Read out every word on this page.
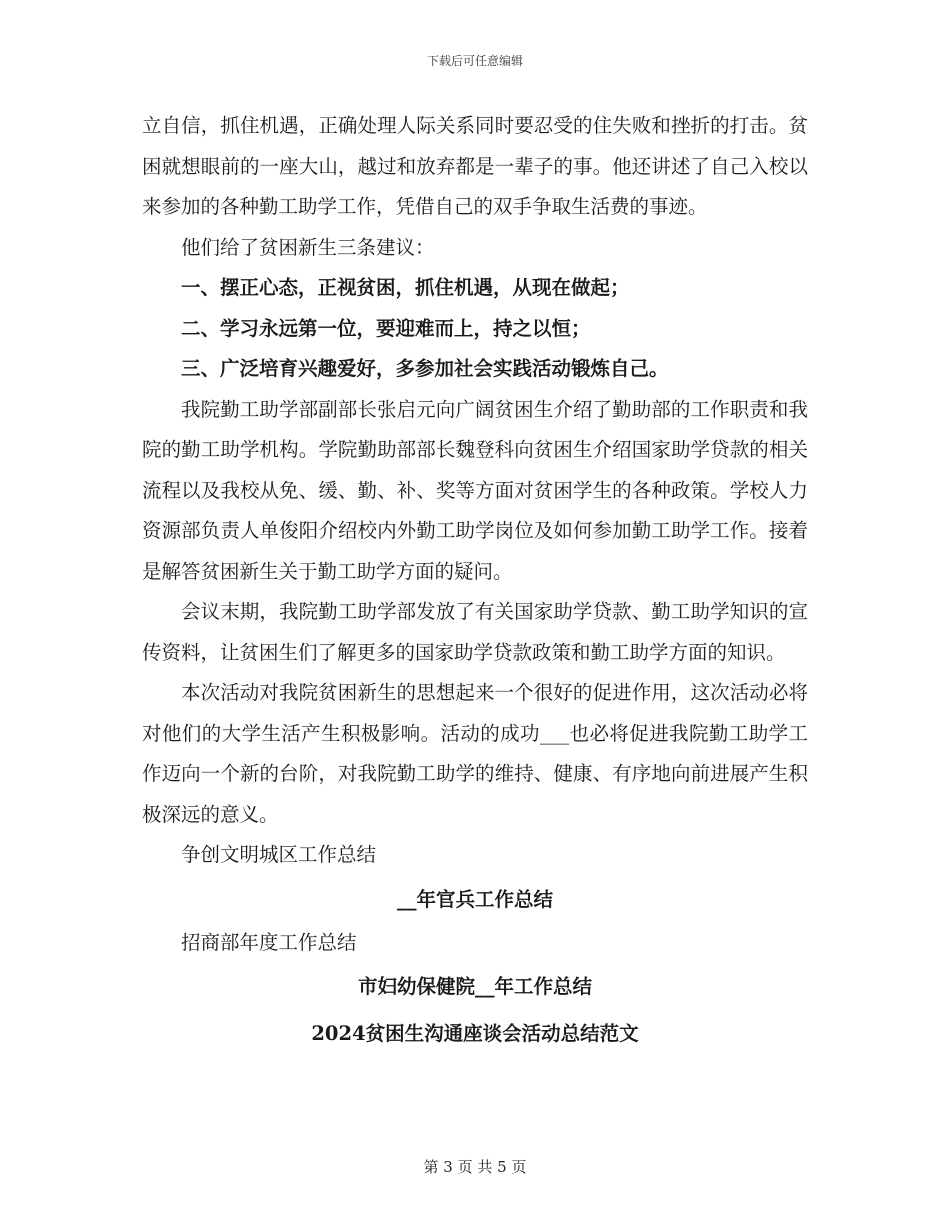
下载后可任意编辑

立自信，抓住机遇，正确处理人际关系同时要忍受的住失败和挫折的打击。贫困就想眼前的一座大山，越过和放弃都是一辈子的事。他还讲述了自己入校以来参加的各种勤工助学工作，凭借自己的双手争取生活费的事迹。

他们给了贫困新生三条建议：

一、摆正心态，正视贫困，抓住机遇，从现在做起；

二、学习永远第一位，要迎难而上，持之以恒；

三、广泛培育兴趣爱好，多参加社会实践活动锻炼自己。

我院勤工助学部副部长张启元向广阔贫困生介绍了勤助部的工作职责和我院的勤工助学机构。学院勤助部部长魏登科向贫困生介绍国家助学贷款的相关流程以及我校从免、缓、勤、补、奖等方面对贫困学生的各种政策。学校人力资源部负责人单俊阳介绍校内外勤工助学岗位及如何参加勤工助学工作。接着是解答贫困新生关于勤工助学方面的疑问。

会议末期，我院勤工助学部发放了有关国家助学贷款、勤工助学知识的宣传资料，让贫困生们了解更多的国家助学贷款政策和勤工助学方面的知识。

本次活动对我院贫困新生的思想起来一个很好的促进作用，这次活动必将对他们的大学生活产生积极影响。活动的成功___也必将促进我院勤工助学工作迈向一个新的台阶，对我院勤工助学的维持、健康、有序地向前进展产生积极深远的意义。

争创文明城区工作总结

__年官兵工作总结

招商部年度工作总结

市妇幼保健院__年工作总结

2024贫困生沟通座谈会活动总结范文

第 3 页 共 5 页
